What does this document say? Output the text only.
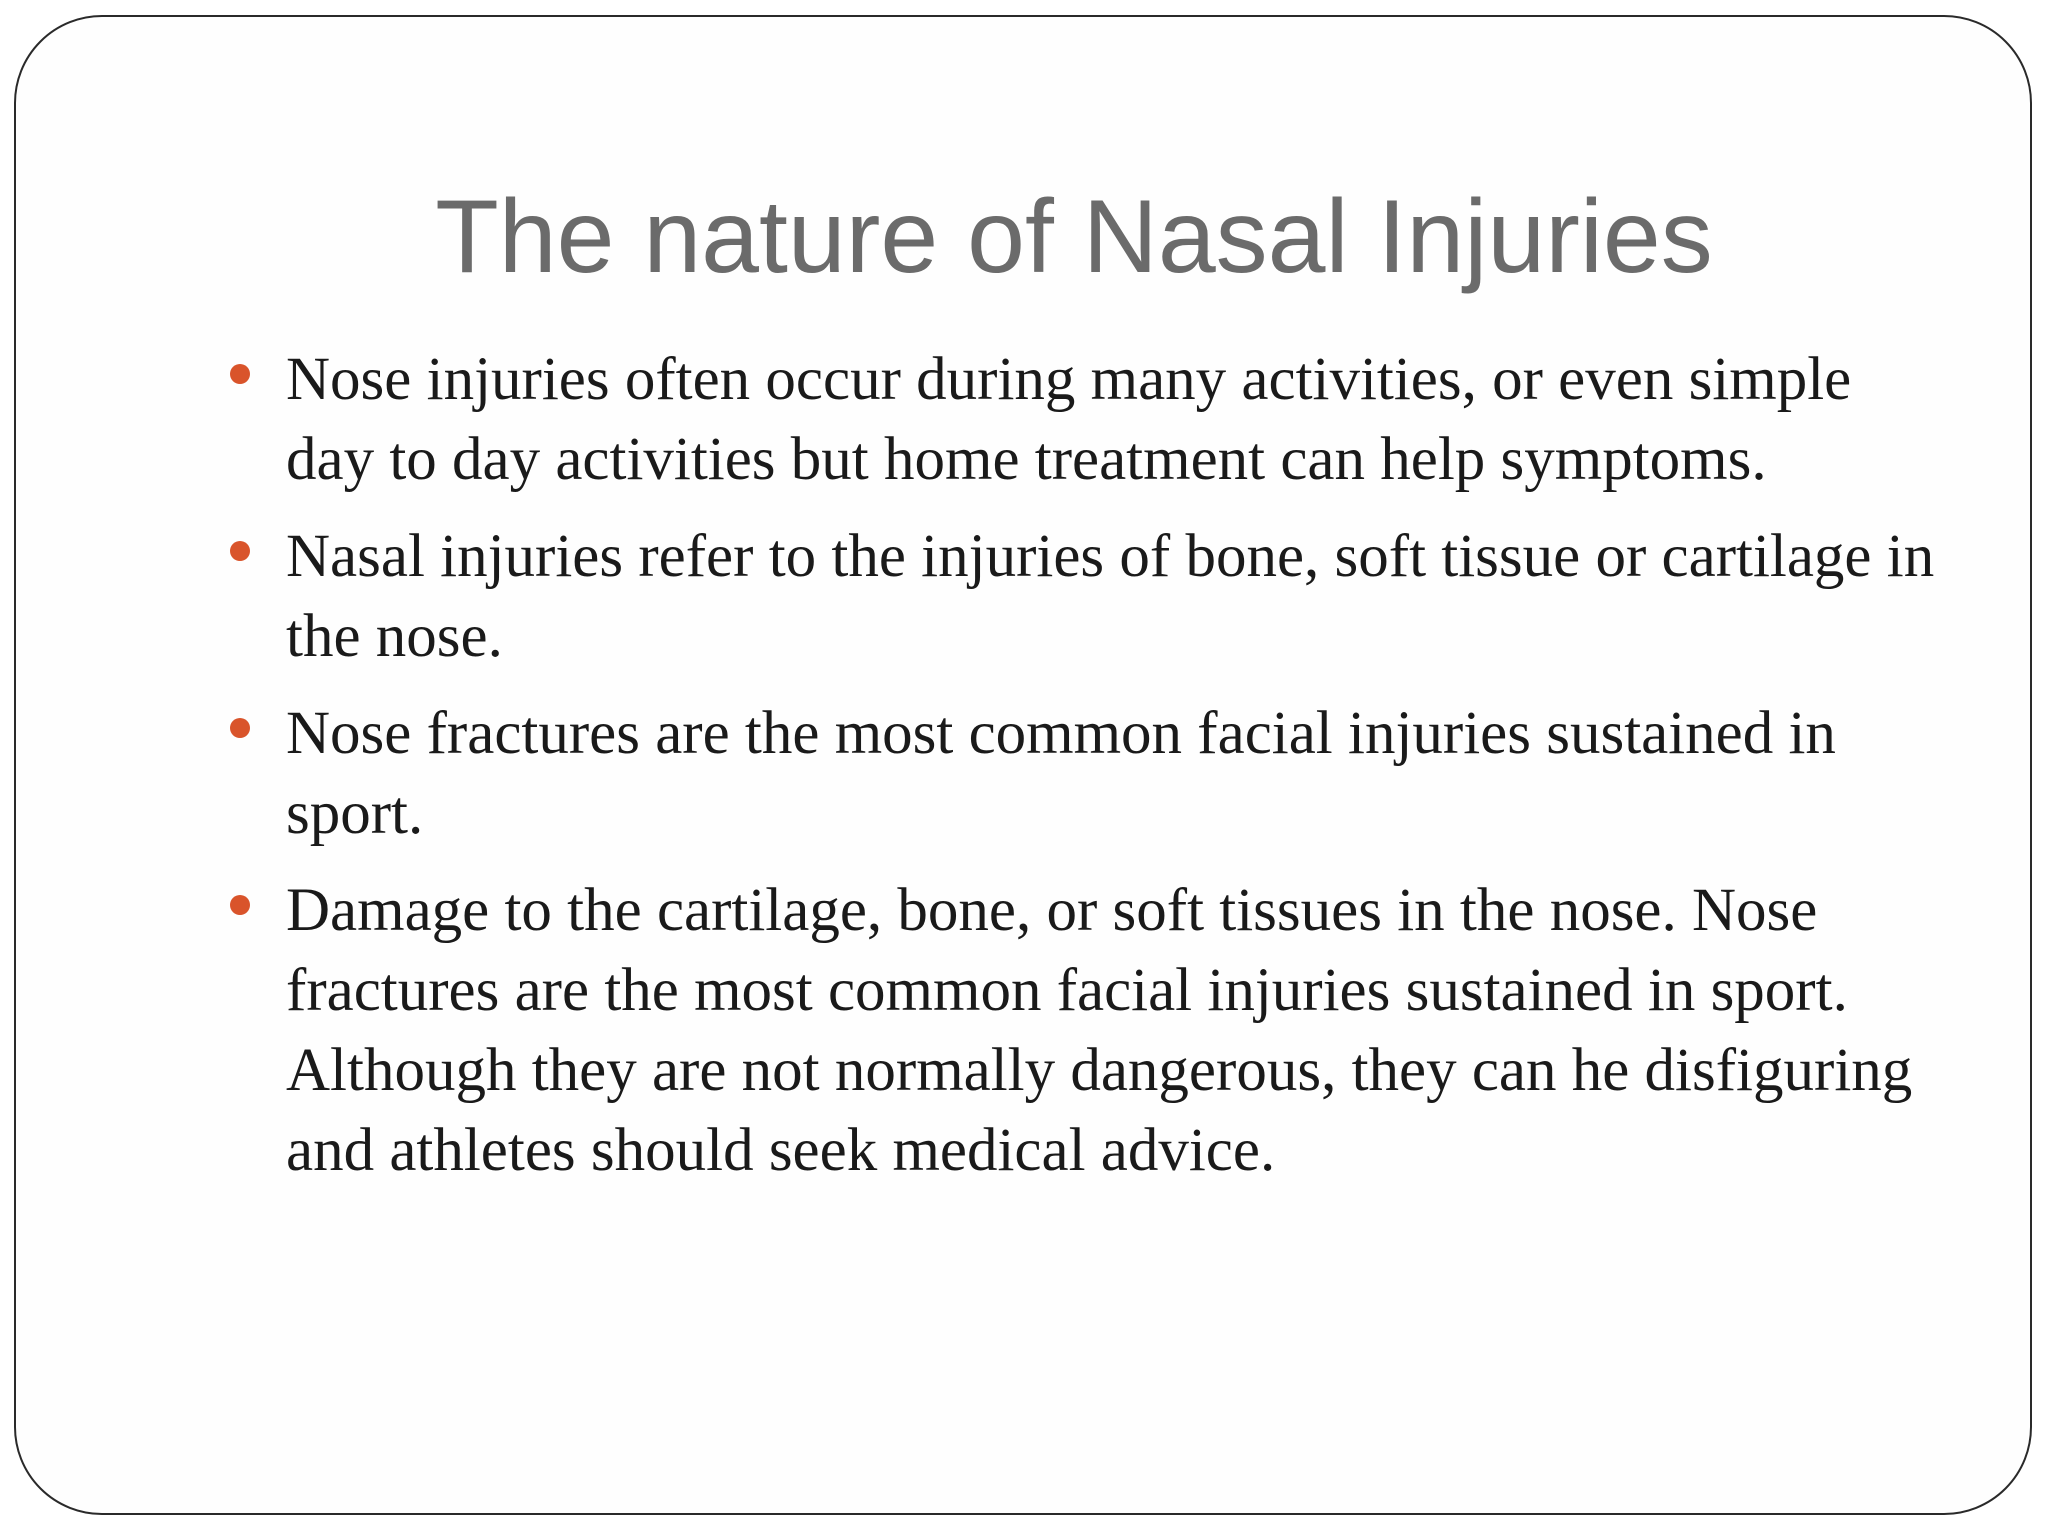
The nature of Nasal Injuries
Nose injuries often occur during many activities, or even simple day to day activities but home treatment can help symptoms.
Nasal injuries refer to the injuries of bone, soft tissue or cartilage in the nose.
Nose fractures are the most common facial injuries sustained in sport.
Damage to the cartilage, bone, or soft tissues in the nose. Nose fractures are the most common facial injuries sustained in sport. Although they are not normally dangerous, they can he disfiguring and athletes should seek medical advice.
